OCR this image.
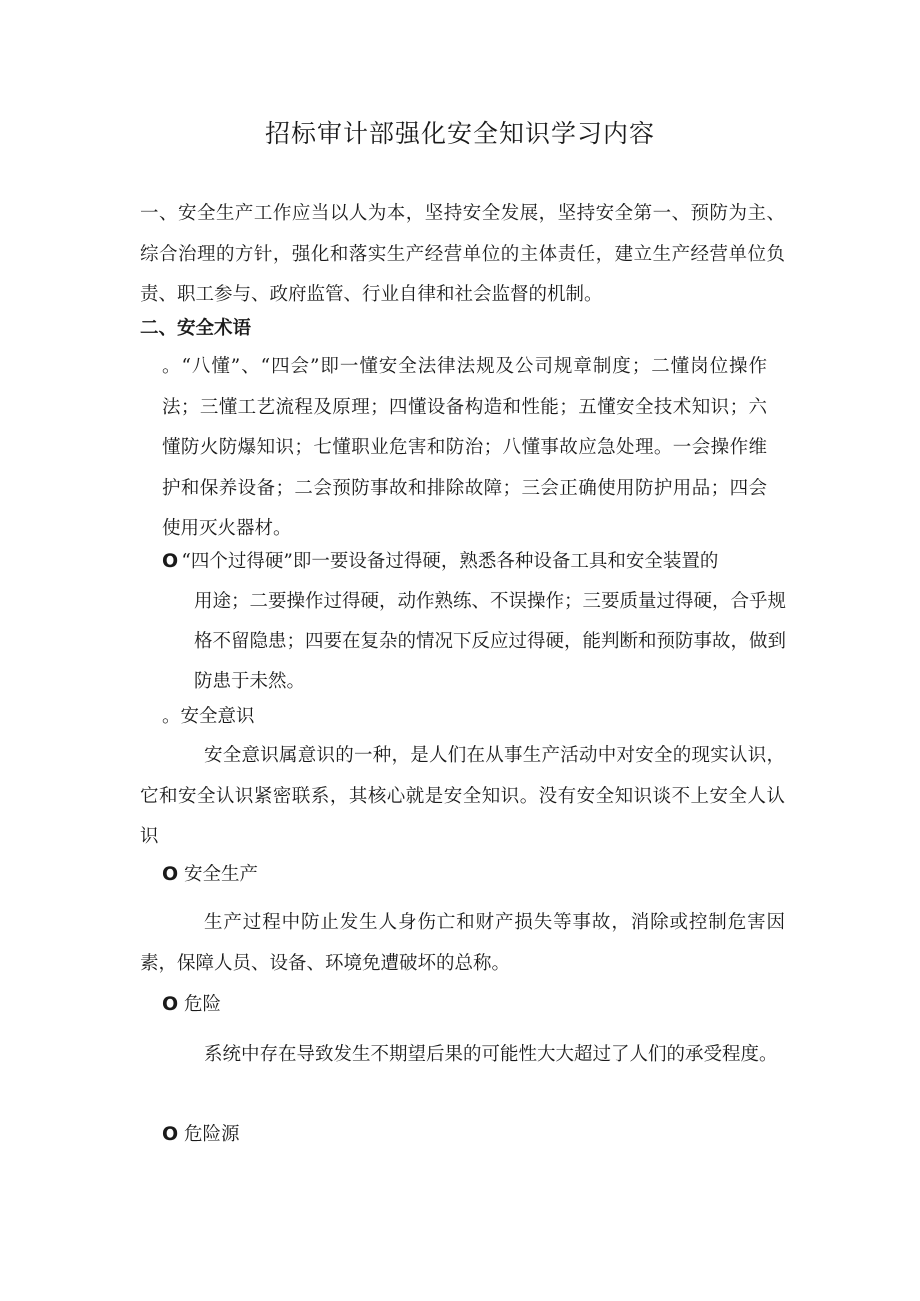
招标审计部强化安全知识学习内容
一、安全生产工作应当以人为本，坚持安全发展，坚持安全第一、预防为主、综合治理的方针，强化和落实生产经营单位的主体责任，建立生产经营单位负责、职工参与、政府监管、行业自律和社会监督的机制。
二、安全术语
。“八懂”、“四会”即一懂安全法律法规及公司规章制度；二懂岗位操作法；三懂工艺流程及原理；四懂设备构造和性能；五懂安全技术知识；六懂防火防爆知识；七懂职业危害和防治；八懂事故应急处理。一会操作维护和保养设备；二会预防事故和排除故障；三会正确使用防护用品；四会使用灭火器材。
O “四个过得硬”即一要设备过得硬，熟悉各种设备工具和安全装置的
用途；二要操作过得硬，动作熟练、不误操作；三要质量过得硬，合乎规格不留隐患；四要在复杂的情况下反应过得硬，能判断和预防事故，做到防患于未然。
。安全意识
安全意识属意识的一种，是人们在从事生产活动中对安全的现实认识，它和安全认识紧密联系，其核心就是安全知识。没有安全知识谈不上安全人认识
O 安全生产
生产过程中防止发生人身伤亡和财产损失等事故，消除或控制危害因素，保障人员、设备、环境免遭破坏的总称。
O 危险
系统中存在导致发生不期望后果的可能性大大超过了人们的承受程度。
O 危险源
